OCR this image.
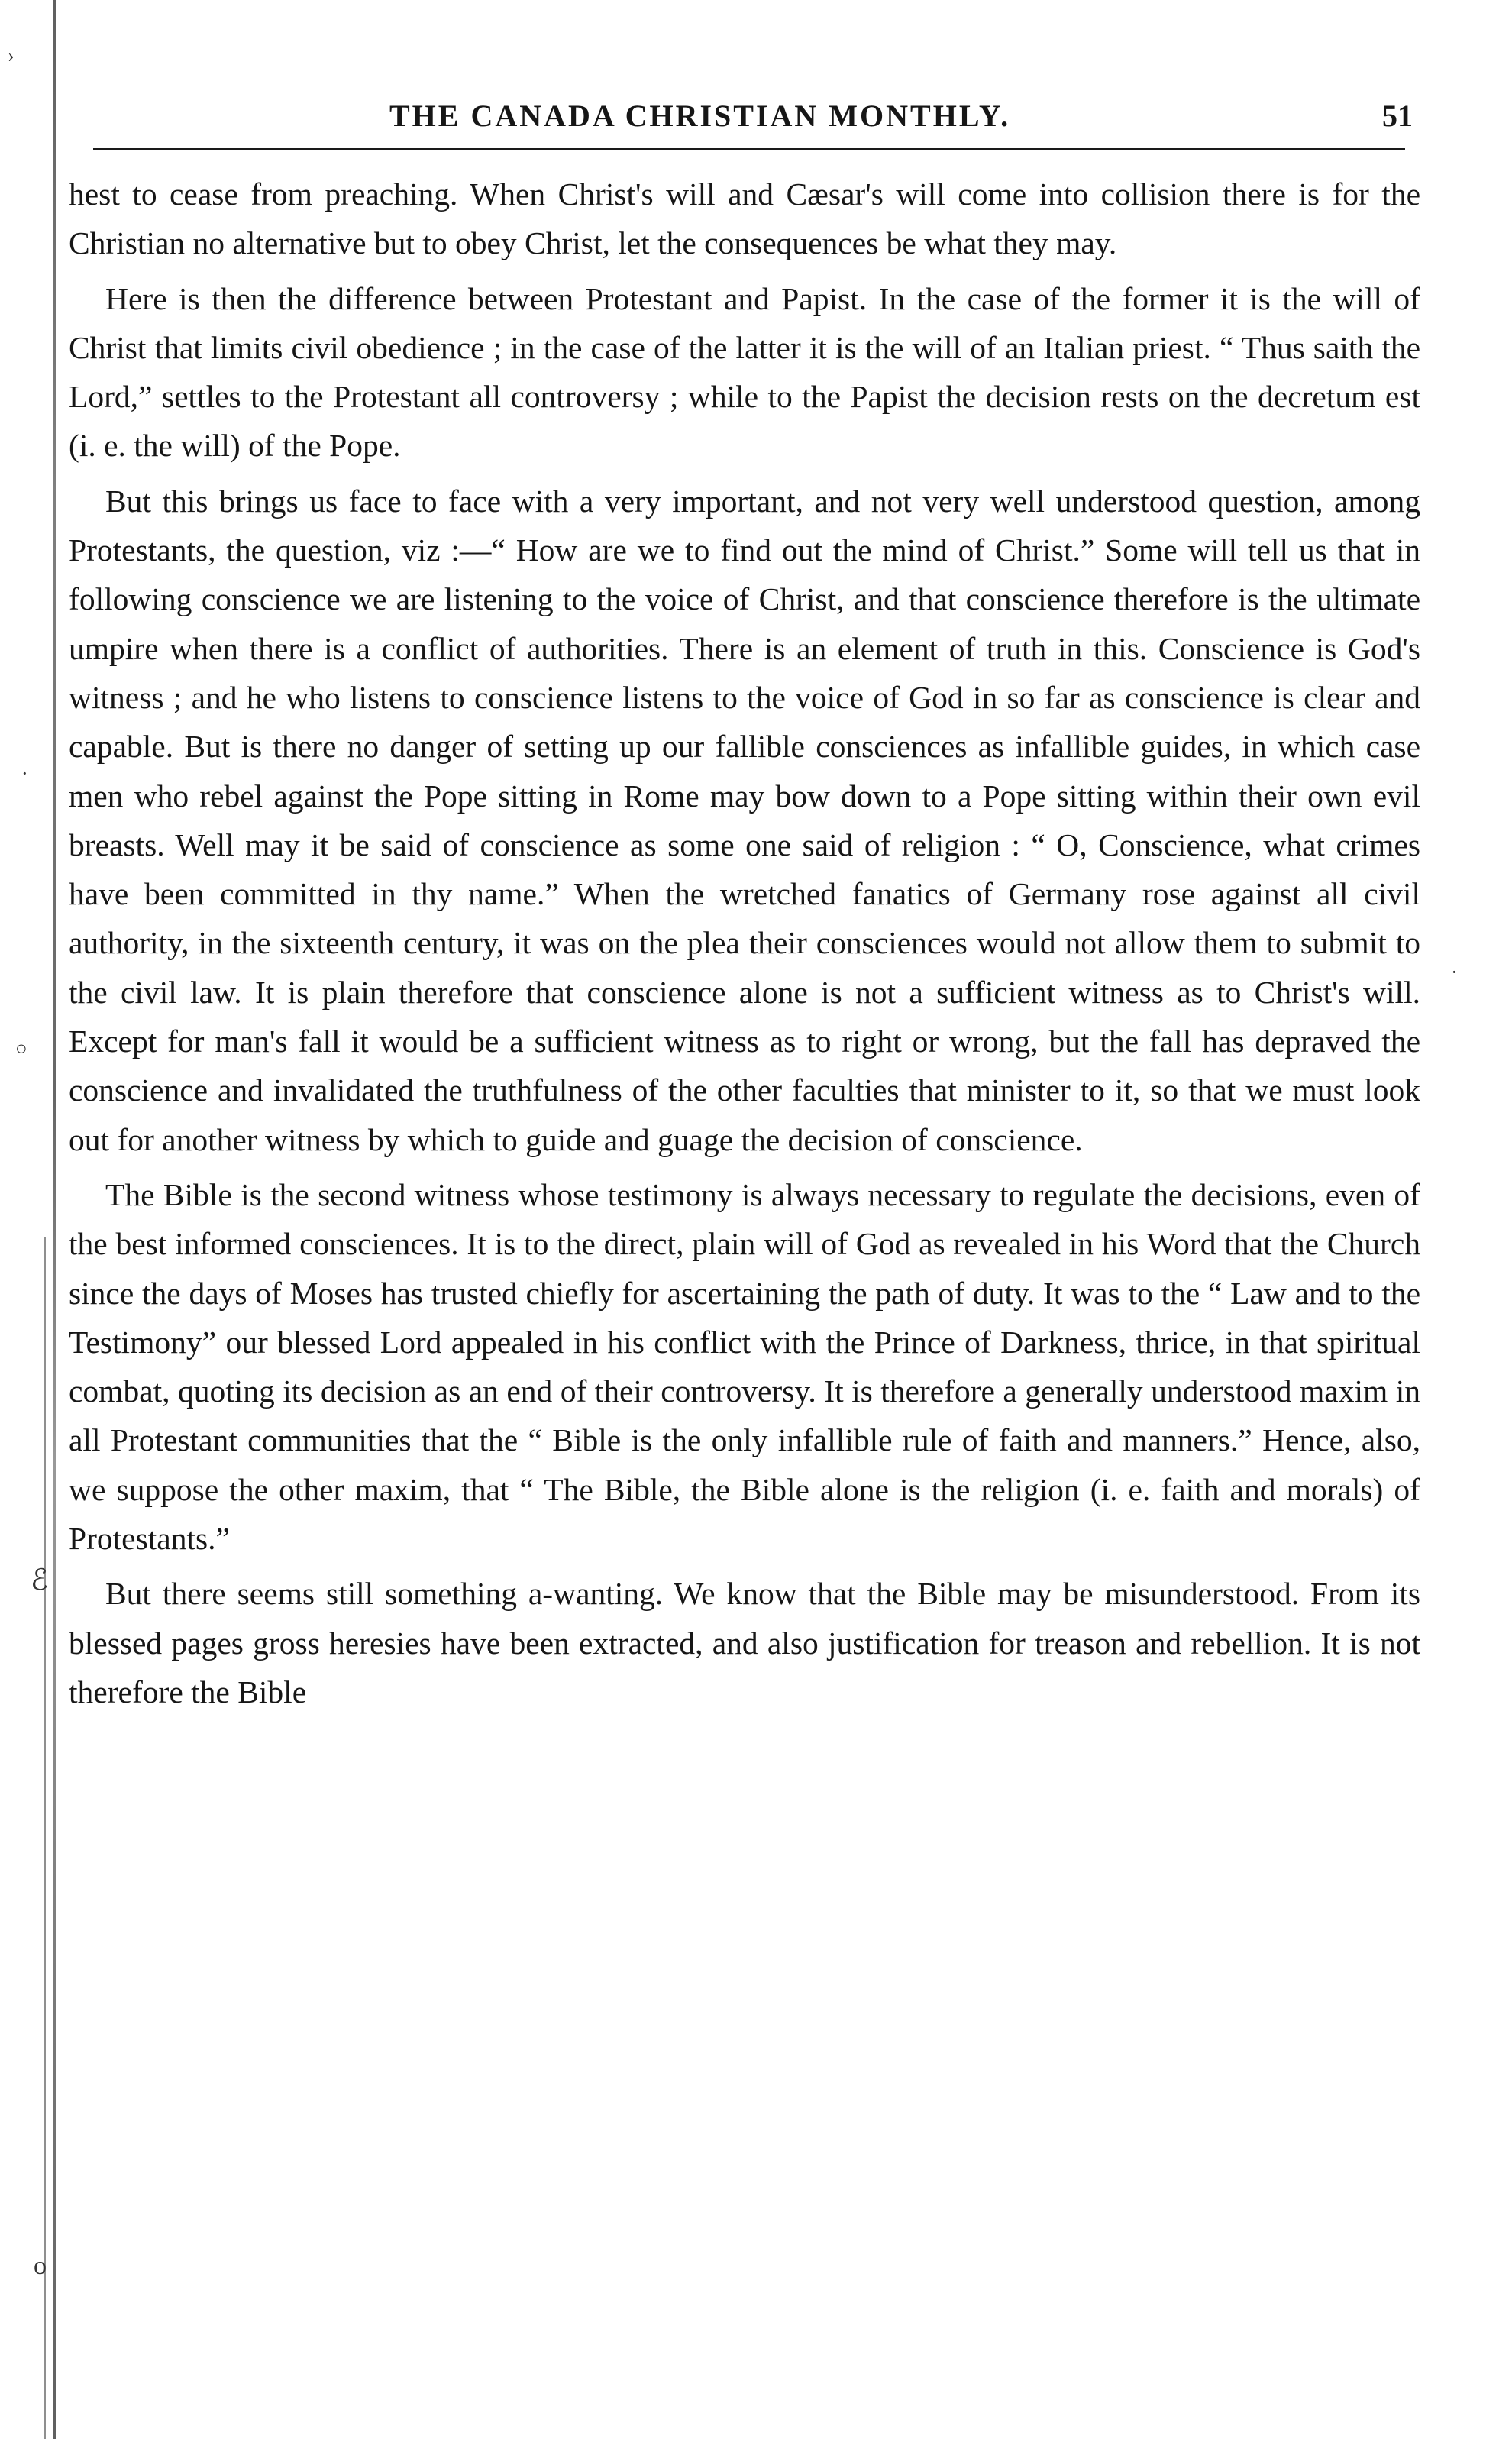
›
·
○
ℰ
o
·
THE CANADA CHRISTIAN MONTHLY.	51

hest to cease from preaching. When Christ's will and Cæsar's will come into collision there is for the Christian no alternative but to obey Christ, let the consequences be what they may.

Here is then the difference between Protestant and Papist. In the case of the former it is the will of Christ that limits civil obedience ; in the case of the latter it is the will of an Italian priest. “ Thus saith the Lord,” settles to the Protestant all controversy ; while to the Papist the decision rests on the decretum est (i. e. the will) of the Pope.

But this brings us face to face with a very important, and not very well understood question, among Protestants, the question, viz :—“ How are we to find out the mind of Christ.” Some will tell us that in following conscience we are listening to the voice of Christ, and that conscience therefore is the ultimate umpire when there is a conflict of authorities. There is an element of truth in this. Conscience is God's witness ; and he who listens to conscience listens to the voice of God in so far as conscience is clear and capable. But is there no danger of setting up our fallible consciences as infallible guides, in which case men who rebel against the Pope sitting in Rome may bow down to a Pope sitting within their own evil breasts. Well may it be said of conscience as some one said of religion : “ O, Conscience, what crimes have been committed in thy name.” When the wretched fanatics of Germany rose against all civil authority, in the sixteenth century, it was on the plea their consciences would not allow them to submit to the civil law. It is plain therefore that conscience alone is not a sufficient witness as to Christ's will. Except for man's fall it would be a sufficient witness as to right or wrong, but the fall has depraved the conscience and invalidated the truthfulness of the other faculties that minister to it, so that we must look out for another witness by which to guide and guage the decision of conscience.

The Bible is the second witness whose testimony is always necessary to regulate the decisions, even of the best informed consciences. It is to the direct, plain will of God as revealed in his Word that the Church since the days of Moses has trusted chiefly for ascertaining the path of duty. It was to the “ Law and to the Testimony” our blessed Lord appealed in his conflict with the Prince of Darkness, thrice, in that spiritual combat, quoting its decision as an end of their controversy. It is therefore a generally understood maxim in all Protestant communities that the “ Bible is the only infallible rule of faith and manners.” Hence, also, we suppose the other maxim, that “ The Bible, the Bible alone is the religion (i. e. faith and morals) of Protestants.”

But there seems still something a-wanting. We know that the Bible may be misunderstood. From its blessed pages gross heresies have been extracted, and also justification for treason and rebellion. It is not therefore the Bible
